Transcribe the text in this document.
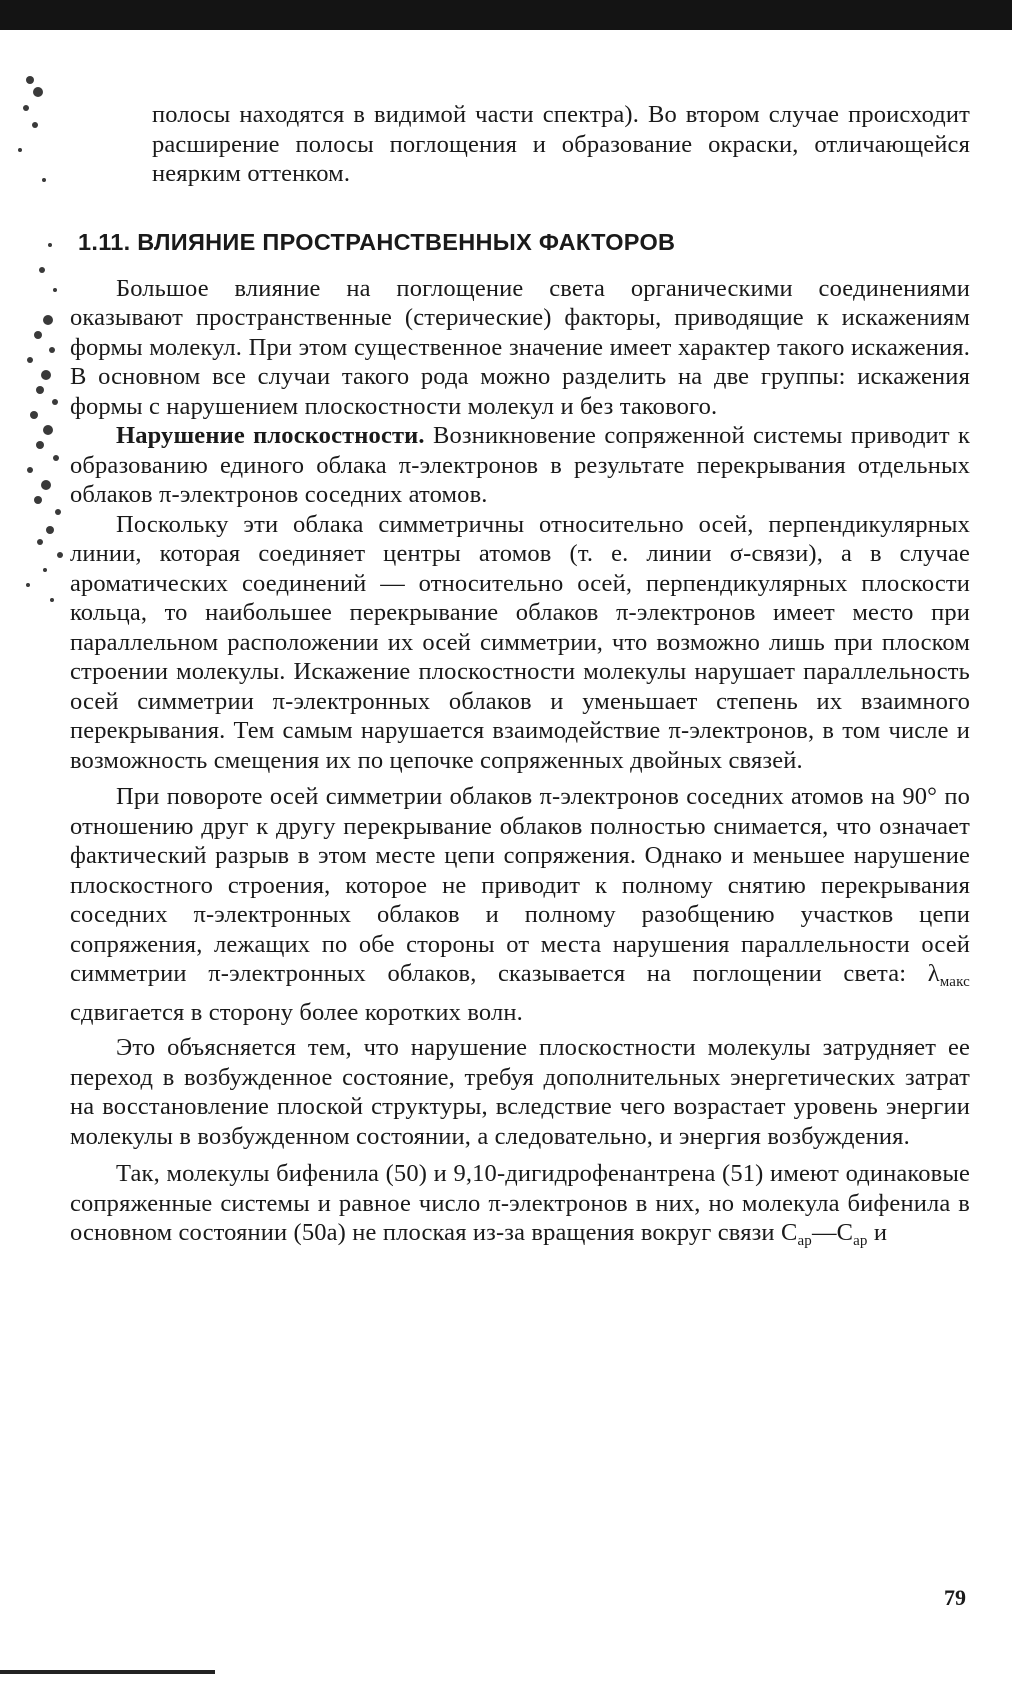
полосы находятся в видимой части спектра). Во втором случае происходит расширение полосы поглощения и образование окраски, отличающейся неярким оттенком.

1.11. ВЛИЯНИЕ ПРОСТРАНСТВЕННЫХ ФАКТОРОВ

Большое влияние на поглощение света органическими соединениями оказывают пространственные (стерические) факторы, приводящие к искажениям формы молекул. При этом существенное значение имеет характер такого искажения. В основном все случаи такого рода можно разделить на две группы: искажения формы с нарушением плоскостности молекул и без такового.

Нарушение плоскостности. Возникновение сопряженной системы приводит к образованию единого облака π-электронов в результате перекрывания отдельных облаков π-электронов соседних атомов.

Поскольку эти облака симметричны относительно осей, перпендикулярных линии, которая соединяет центры атомов (т. е. линии σ-связи), а в случае ароматических соединений — относительно осей, перпендикулярных плоскости кольца, то наибольшее перекрывание облаков π-электронов имеет место при параллельном расположении их осей симметрии, что возможно лишь при плоском строении молекулы. Искажение плоскостности молекулы нарушает параллельность осей симметрии π-электронных облаков и уменьшает степень их взаимного перекрывания. Тем самым нарушается взаимодействие π-электронов, в том числе и возможность смещения их по цепочке сопряженных двойных связей.

При повороте осей симметрии облаков π-электронов соседних атомов на 90° по отношению друг к другу перекрывание облаков полностью снимается, что означает фактический разрыв в этом месте цепи сопряжения. Однако и меньшее нарушение плоскостного строения, которое не приводит к полному снятию перекрывания соседних π-электронных облаков и полному разобщению участков цепи сопряжения, лежащих по обе стороны от места нарушения параллельности осей симметрии π-электронных облаков, сказывается на поглощении света: $\lambda_{макс}$ сдвигается в сторону более коротких волн.

Это объясняется тем, что нарушение плоскостности молекулы затрудняет ее переход в возбужденное состояние, требуя дополнительных энергетических затрат на восстановление плоской структуры, вследствие чего возрастает уровень энергии молекулы в возбужденном состоянии, а следовательно, и энергия возбуждения.

Так, молекулы бифенила (50) и 9,10-дигидрофенантрена (51) имеют одинаковые сопряженные системы и равное число π-электронов в них, но молекула бифенила в основном состоянии (50а) не плоская из-за вращения вокруг связи $C_{ар}—C_{ар}$ и

79
